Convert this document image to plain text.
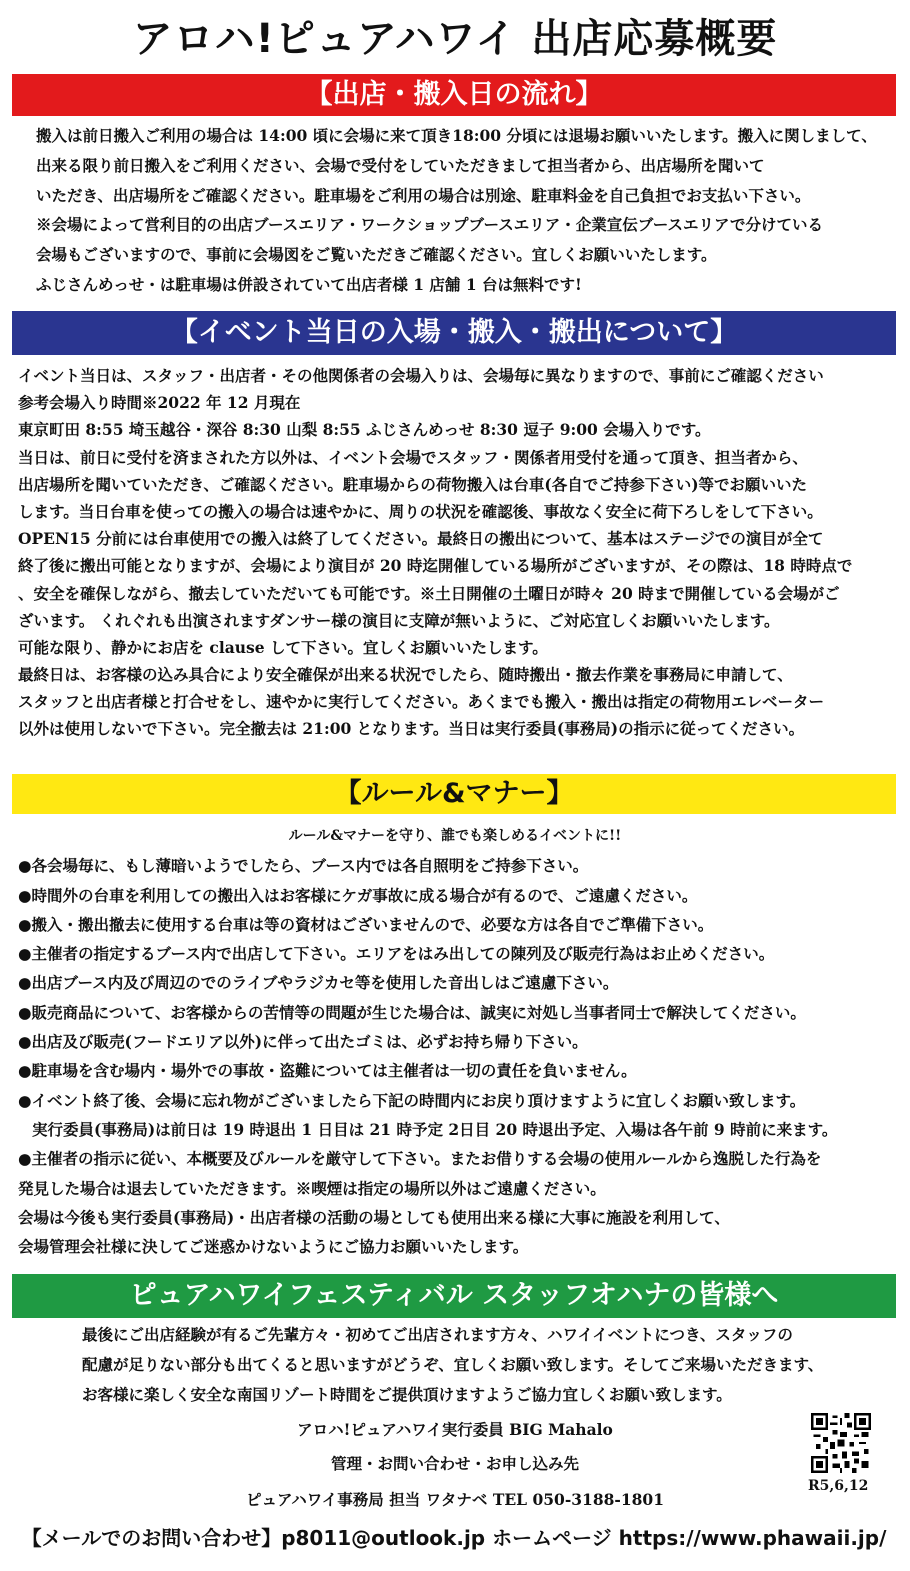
アロハ!ピュアハワイ 出店応募概要
【出店・搬入日の流れ】
搬入は前日搬入ご利用の場合は 14:00 頃に会場に来て頂き18:00 分頃には退場お願いいたします。搬入に関しまして、
出来る限り前日搬入をご利用ください、会場で受付をしていただきまして担当者から、出店場所を聞いて
いただき、出店場所をご確認ください。駐車場をご利用の場合は別途、駐車料金を自己負担でお支払い下さい。
※会場によって営利目的の出店ブースエリア・ワークショップブースエリア・企業宣伝ブースエリアで分けている
会場もございますので、事前に会場図をご覧いただきご確認ください。宜しくお願いいたします。
ふじさんめっせ・は駐車場は併設されていて出店者様 1 店舗 1 台は無料です!
【イベント当日の入場・搬入・搬出について】
イベント当日は、スタッフ・出店者・その他関係者の会場入りは、会場毎に異なりますので、事前にご確認ください
参考会場入り時間※2022 年 12 月現在
東京町田 8:55 埼玉越谷・深谷 8:30 山梨 8:55 ふじさんめっせ 8:30 逗子 9:00 会場入りです。
当日は、前日に受付を済まされた方以外は、イベント会場でスタッフ・関係者用受付を通って頂き、担当者から、
出店場所を聞いていただき、ご確認ください。駐車場からの荷物搬入は台車(各自でご持参下さい)等でお願いいた
します。当日台車を使っての搬入の場合は速やかに、周りの状況を確認後、事故なく安全に荷下ろしをして下さい。
OPEN15 分前には台車使用での搬入は終了してください。最終日の搬出について、基本はステージでの演目が全て
終了後に搬出可能となりますが、会場により演目が 20 時迄開催している場所がございますが、その際は、18 時時点で
、安全を確保しながら、撤去していただいても可能です。※土日開催の土曜日が時々 20 時まで開催している会場がご
ざいます。 くれぐれも出演されますダンサー様の演目に支障が無いように、ご対応宜しくお願いいたします。
可能な限り、静かにお店を clause して下さい。宜しくお願いいたします。
最終日は、お客様の込み具合により安全確保が出来る状況でしたら、随時搬出・撤去作業を事務局に申請して、
スタッフと出店者様と打合せをし、速やかに実行してください。あくまでも搬入・搬出は指定の荷物用エレベーター
以外は使用しないで下さい。完全撤去は 21:00 となります。当日は実行委員(事務局)の指示に従ってください。
【ルール&マナー】
ルール&マナーを守り、誰でも楽しめるイベントに!!
●各会場毎に、もし薄暗いようでしたら、ブース内では各自照明をご持参下さい。
●時間外の台車を利用しての搬出入はお客様にケガ事故に成る場合が有るので、ご遠慮ください。
●搬入・搬出撤去に使用する台車は等の資材はございませんので、必要な方は各自でご準備下さい。
●主催者の指定するブース内で出店して下さい。エリアをはみ出しての陳列及び販売行為はお止めください。
●出店ブース内及び周辺のでのライブやラジカセ等を使用した音出しはご遠慮下さい。
●販売商品について、お客様からの苦情等の問題が生じた場合は、誠実に対処し当事者同士で解決してください。
●出店及び販売(フードエリア以外)に伴って出たゴミは、必ずお持ち帰り下さい。
●駐車場を含む場内・場外での事故・盗難については主催者は一切の責任を負いません。
●イベント終了後、会場に忘れ物がございましたら下記の時間内にお戻り頂けますように宜しくお願い致します。
実行委員(事務局)は前日は 19 時退出 1 日目は 21 時予定 2日目 20 時退出予定、入場は各午前 9 時前に来ます。
●主催者の指示に従い、本概要及びルールを厳守して下さい。またお借りする会場の使用ルールから逸脱した行為を
発見した場合は退去していただきます。※喫煙は指定の場所以外はご遠慮ください。
会場は今後も実行委員(事務局)・出店者様の活動の場としても使用出来る様に大事に施設を利用して、
会場管理会社様に決してご迷惑かけないようにご協力お願いいたします。
ピュアハワイフェスティバル スタッフオハナの皆様へ
最後にご出店経験が有るご先輩方々・初めてご出店されます方々、ハワイイベントにつき、スタッフの
配慮が足りない部分も出てくると思いますがどうぞ、宜しくお願い致します。そしてご来場いただきます、
お客様に楽しく安全な南国リゾート時間をご提供頂けますようご協力宜しくお願い致します。
アロハ!ピュアハワイ実行委員 BIG Mahalo
管理・お問い合わせ・お申し込み先
ピュアハワイ事務局 担当 ワタナベ TEL 050-3188-1801
【メールでのお問い合わせ】p8011@outlook.jp ホームページ https://www.phawaii.jp/
R5,6,12
